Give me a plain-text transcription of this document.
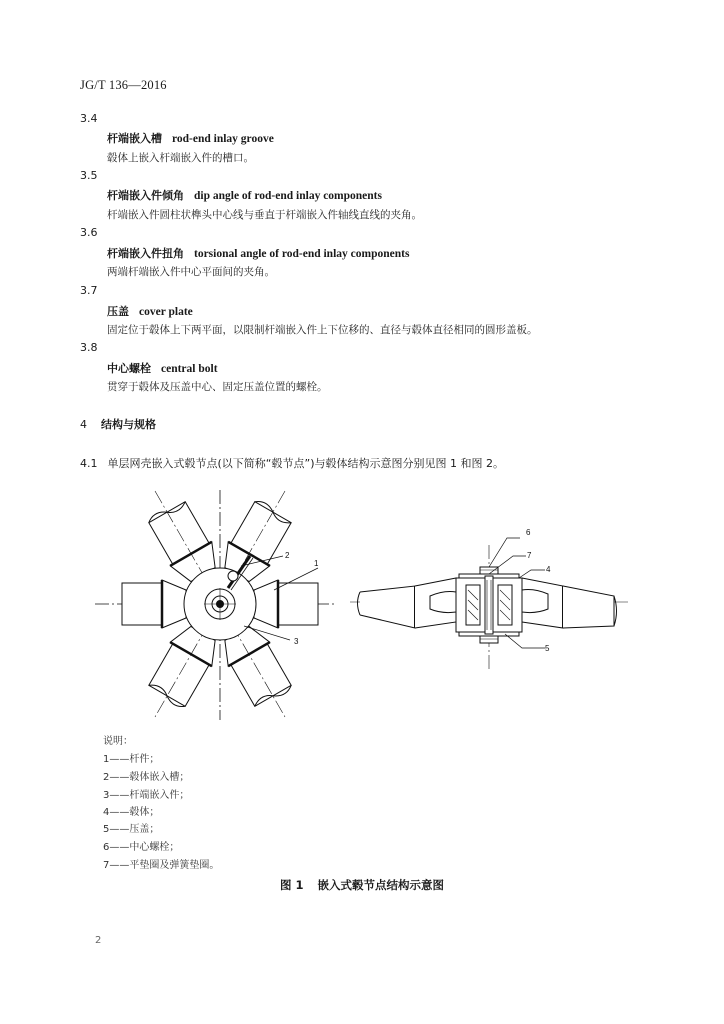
JG/T 136—2016
3.4
杆端嵌入槽 rod-end inlay groove
毂体上嵌入杆端嵌入件的槽口。
3.5
杆端嵌入件倾角 dip angle of rod-end inlay components
杆端嵌入件圆柱状榫头中心线与垂直于杆端嵌入件轴线直线的夹角。
3.6
杆端嵌入件扭角 torsional angle of rod-end inlay components
两端杆端嵌入件中心平面间的夹角。
3.7
压盖 cover plate
固定位于毂体上下两平面，以限制杆端嵌入件上下位移的、直径与毂体直径相同的圆形盖板。
3.8
中心螺栓 central bolt
贯穿于毂体及压盖中心、固定压盖位置的螺栓。
4 结构与规格
4.1 单层网壳嵌入式毂节点(以下简称“毂节点”)与毂体结构示意图分别见图 1 和图 2。
2
1
3
6
7
4
5
说明：
1——杆件；
2——毂体嵌入槽；
3——杆端嵌入件；
4——毂体；
5——压盖；
6——中心螺栓；
7——平垫圈及弹簧垫圈。
图 1 嵌入式毂节点结构示意图
2
